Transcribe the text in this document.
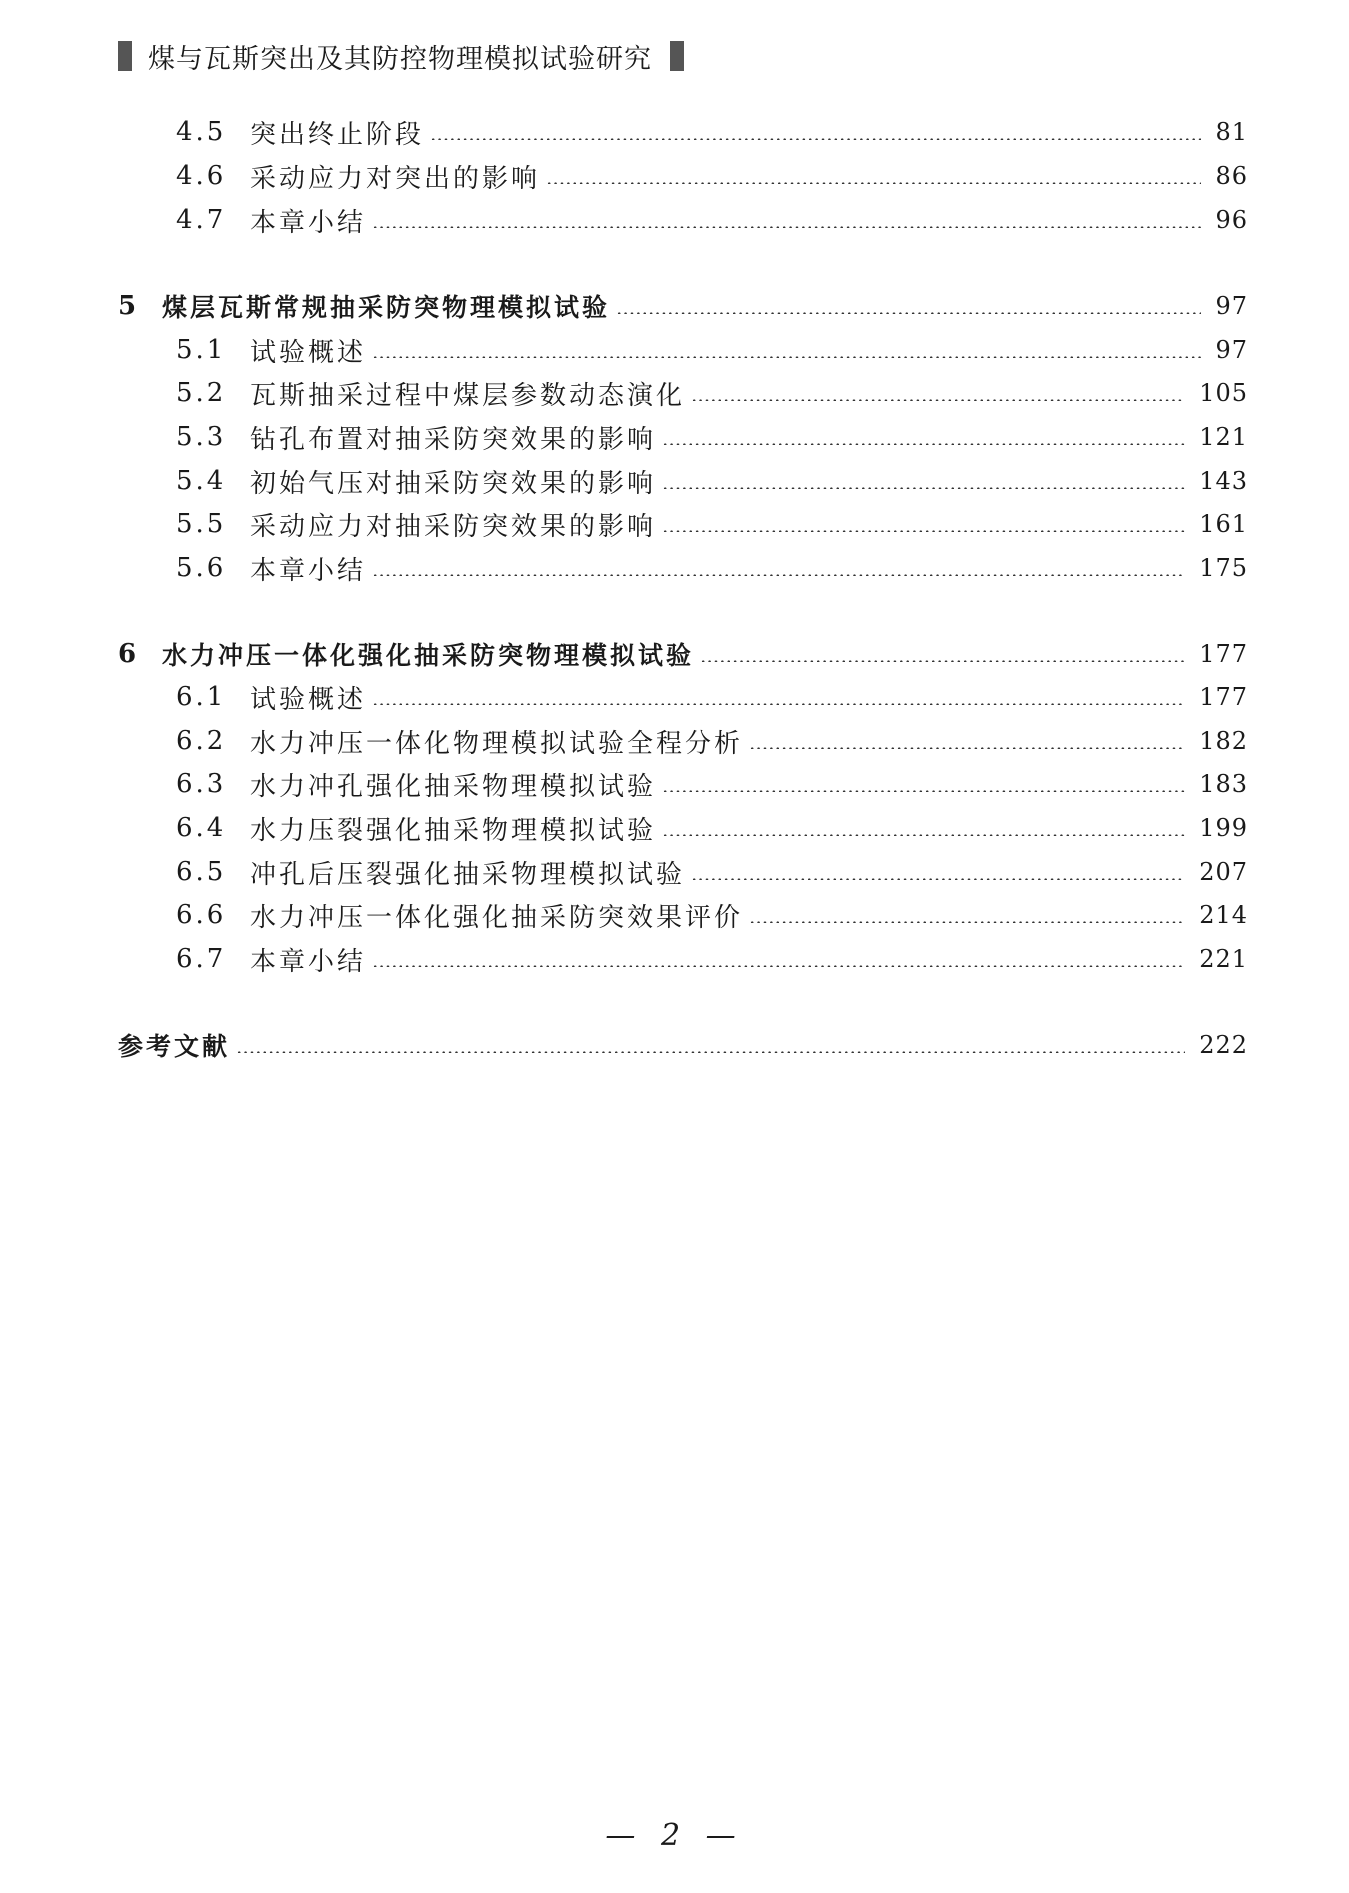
煤与瓦斯突出及其防控物理模拟试验研究
4.5 突出终止阶段	81
4.6 采动应力对突出的影响	86
4.7 本章小结	96
5 煤层瓦斯常规抽采防突物理模拟试验	97
5.1 试验概述	97
5.2 瓦斯抽采过程中煤层参数动态演化	105
5.3 钻孔布置对抽采防突效果的影响	121
5.4 初始气压对抽采防突效果的影响	143
5.5 采动应力对抽采防突效果的影响	161
5.6 本章小结	175
6 水力冲压一体化强化抽采防突物理模拟试验	177
6.1 试验概述	177
6.2 水力冲压一体化物理模拟试验全程分析	182
6.3 水力冲孔强化抽采物理模拟试验	183
6.4 水力压裂强化抽采物理模拟试验	199
6.5 冲孔后压裂强化抽采物理模拟试验	207
6.6 水力冲压一体化强化抽采防突效果评价	214
6.7 本章小结	221
参考文献	222
— 2 —
